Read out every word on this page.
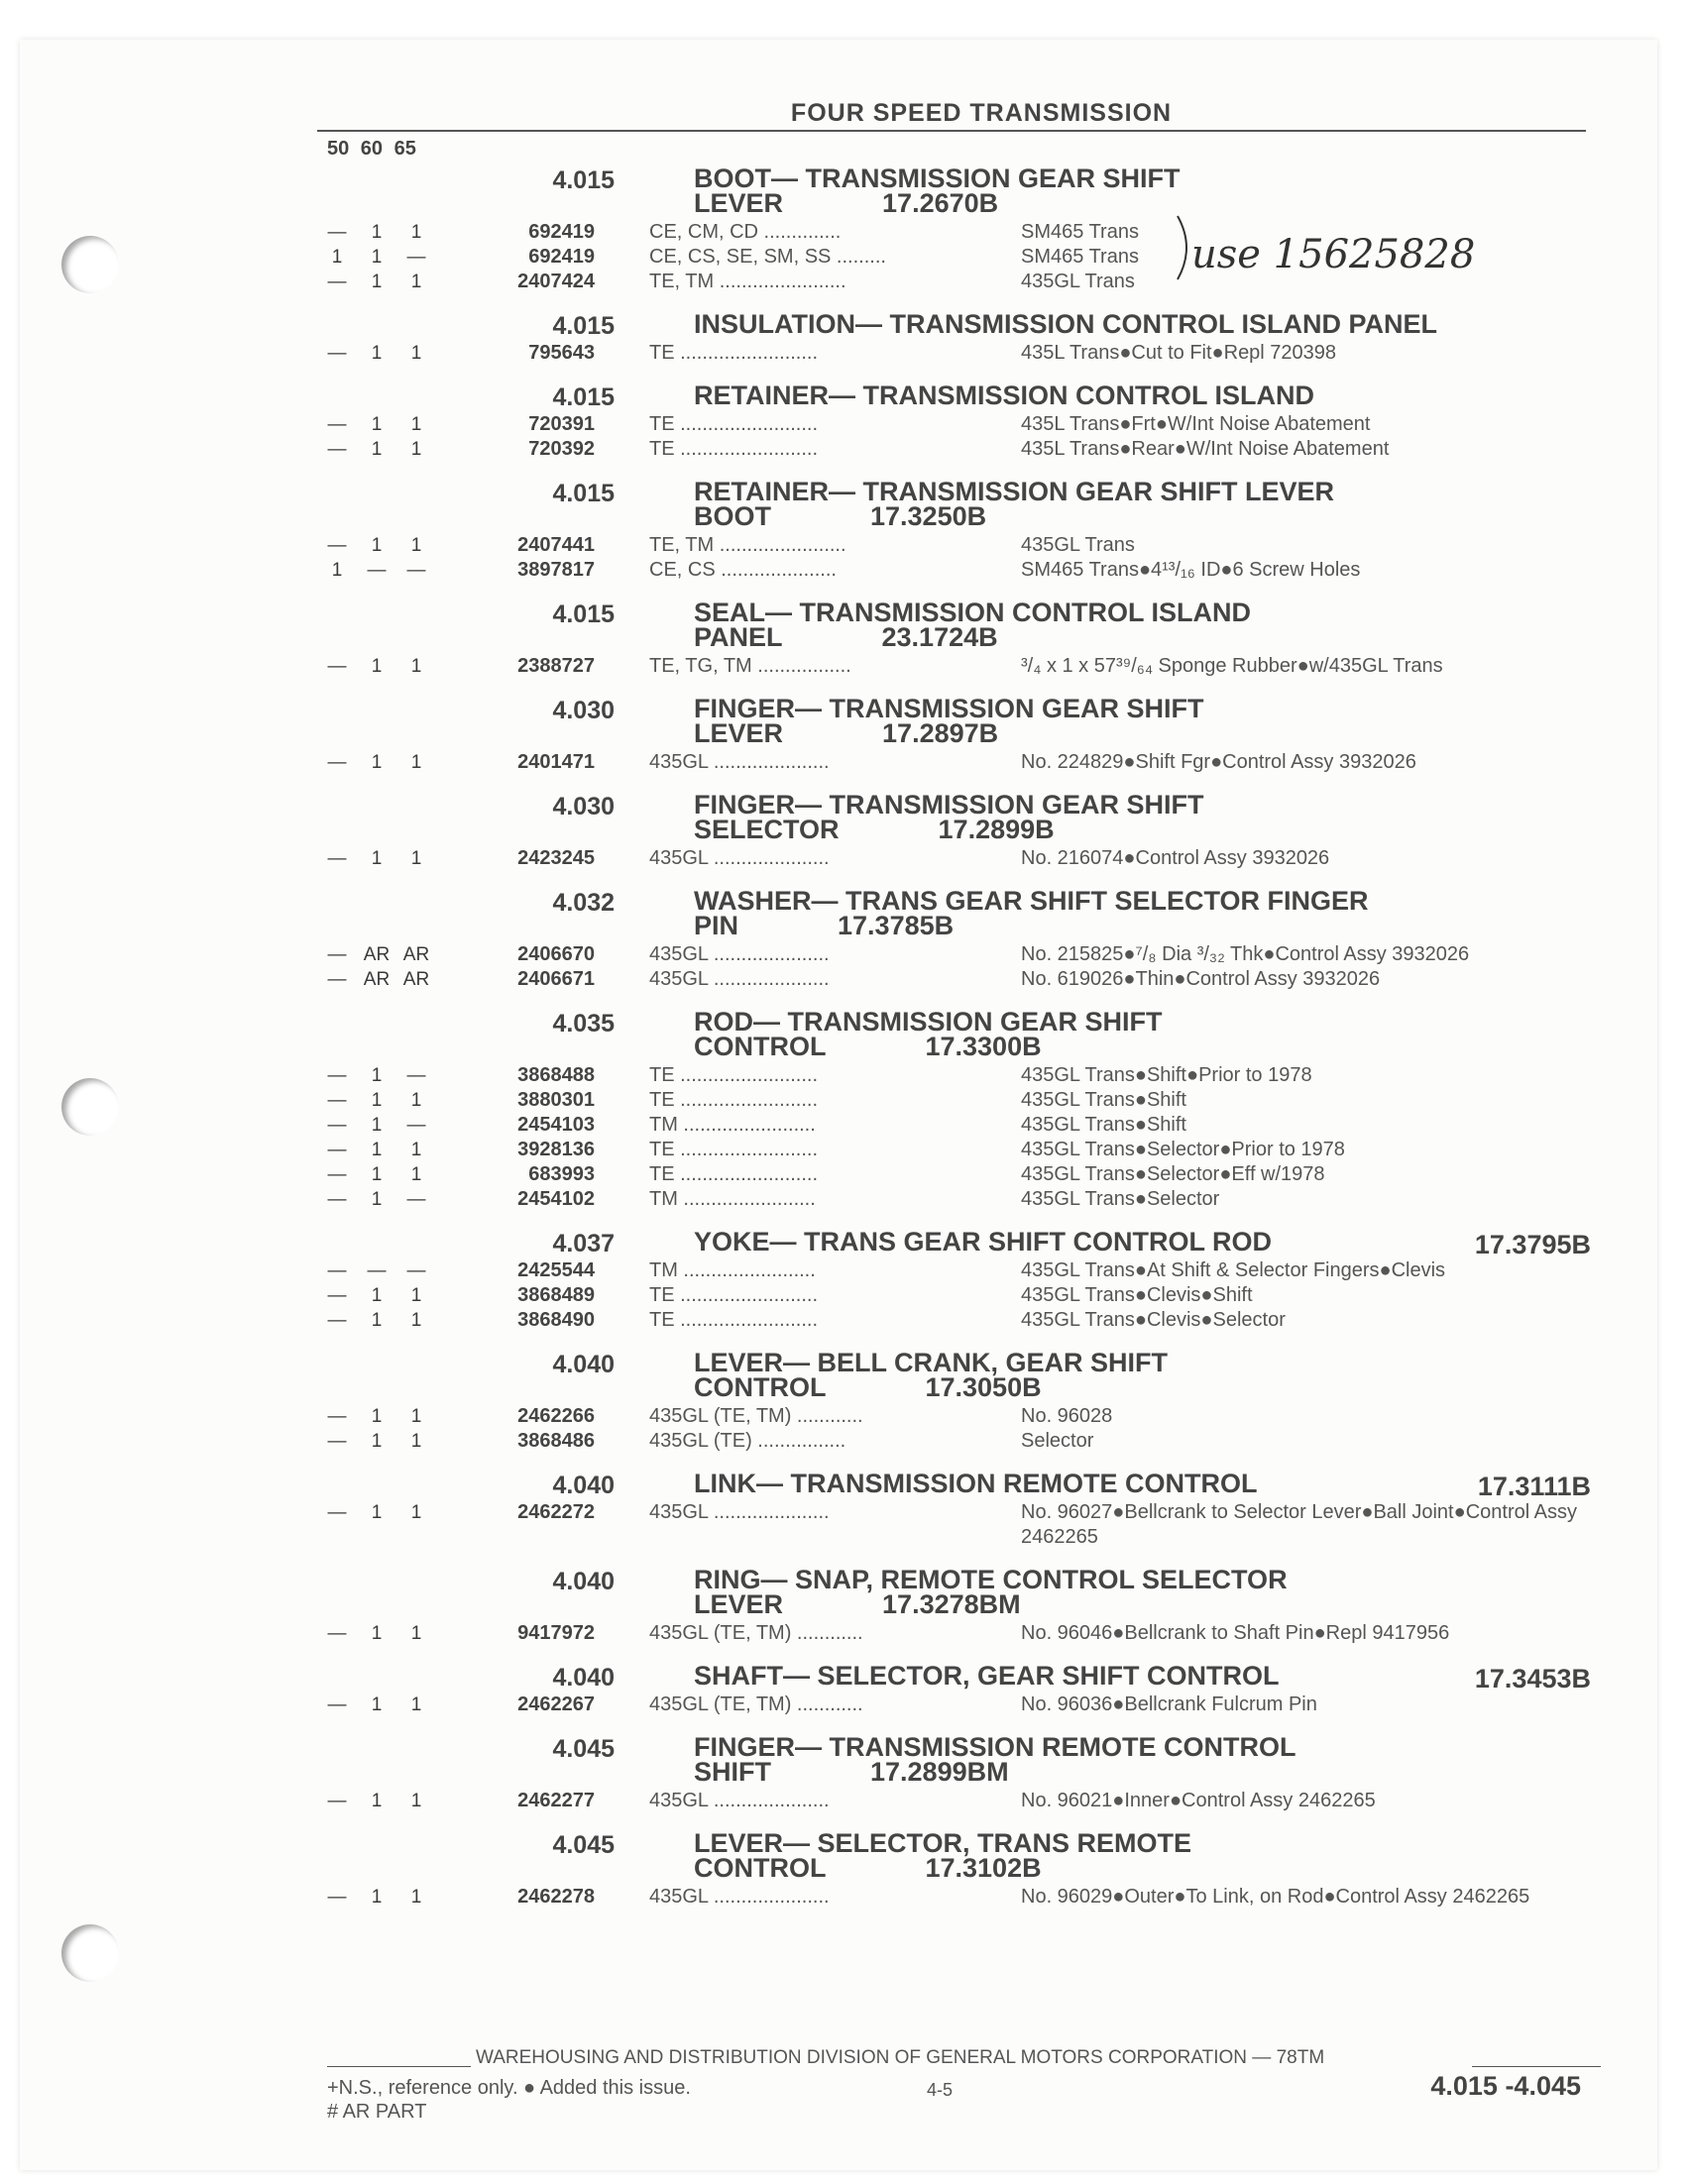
FOUR SPEED TRANSMISSION
50 60 65
4.015	BOOT— TRANSMISSION GEAR SHIFT
LEVER	17.2670B
—	1	1	692419	CE, CM, CD ..............	SM465 Trans
1	1	—	692419	CE, CS, SE, SM, SS .........	SM465 Trans
—	1	1	2407424	TE, TM .......................	435GL Trans
4.015	INSULATION— TRANSMISSION CONTROL ISLAND PANEL
—	1	1	795643	TE .........................	435L Trans●Cut to Fit●Repl 720398
4.015	RETAINER— TRANSMISSION CONTROL ISLAND
—	1	1	720391	TE .........................	435L Trans●Frt●W/Int Noise Abatement
—	1	1	720392	TE .........................	435L Trans●Rear●W/Int Noise Abatement
4.015	RETAINER— TRANSMISSION GEAR SHIFT LEVER
BOOT	17.3250B
—	1	1	2407441	TE, TM .......................	435GL Trans
1	—	—	3897817	CE, CS .....................	SM465 Trans●4¹³/₁₆ ID●6 Screw Holes
4.015	SEAL— TRANSMISSION CONTROL ISLAND
PANEL	23.1724B
—	1	1	2388727	TE, TG, TM .................	³/₄ x 1 x 57³⁹/₆₄ Sponge Rubber●w/435GL Trans
4.030	FINGER— TRANSMISSION GEAR SHIFT
LEVER	17.2897B
—	1	1	2401471	435GL .....................	No. 224829●Shift Fgr●Control Assy 3932026
4.030	FINGER— TRANSMISSION GEAR SHIFT
SELECTOR	17.2899B
—	1	1	2423245	435GL .....................	No. 216074●Control Assy 3932026
4.032	WASHER— TRANS GEAR SHIFT SELECTOR FINGER
PIN	17.3785B
— AR AR	2406670	435GL .....................	No. 215825●⁷/₈ Dia ³/₃₂ Thk●Control Assy 3932026
— AR AR	2406671	435GL .....................	No. 619026●Thin●Control Assy 3932026
4.035	ROD— TRANSMISSION GEAR SHIFT
CONTROL	17.3300B
—	1	—	3868488	TE .........................	435GL Trans●Shift●Prior to 1978
—	1	1	3880301	TE .........................	435GL Trans●Shift
—	1	—	2454103	TM ........................	435GL Trans●Shift
—	1	1	3928136	TE .........................	435GL Trans●Selector●Prior to 1978
—	1	1	683993	TE .........................	435GL Trans●Selector●Eff w/1978
—	1	—	2454102	TM ........................	435GL Trans●Selector
4.037	YOKE— TRANS GEAR SHIFT CONTROL ROD	17.3795B
—	—	—	2425544	TM ........................	435GL Trans●At Shift & Selector Fingers●Clevis
—	1	1	3868489	TE .........................	435GL Trans●Clevis●Shift
—	1	1	3868490	TE .........................	435GL Trans●Clevis●Selector
4.040	LEVER— BELL CRANK, GEAR SHIFT
CONTROL	17.3050B
—	1	1	2462266	435GL (TE, TM) ............	No. 96028
—	1	1	3868486	435GL (TE) ................	Selector
4.040	LINK— TRANSMISSION REMOTE CONTROL	17.3111B
—	1	1	2462272	435GL .....................	No. 96027●Bellcrank to Selector Lever●Ball Joint●Control Assy 2462265
4.040	RING— SNAP, REMOTE CONTROL SELECTOR
LEVER	17.3278BM
—	1	1	9417972	435GL (TE, TM) ............	No. 96046●Bellcrank to Shaft Pin●Repl 9417956
4.040	SHAFT— SELECTOR, GEAR SHIFT CONTROL	17.3453B
—	1	1	2462267	435GL (TE, TM) ............	No. 96036●Bellcrank Fulcrum Pin
4.045	FINGER— TRANSMISSION REMOTE CONTROL
SHIFT	17.2899BM
—	1	1	2462277	435GL .....................	No. 96021●Inner●Control Assy 2462265
4.045	LEVER— SELECTOR, TRANS REMOTE
CONTROL	17.3102B
—	1	1	2462278	435GL .....................	No. 96029●Outer●To Link, on Rod●Control Assy 2462265
use 15625828
WAREHOUSING AND DISTRIBUTION DIVISION OF GENERAL MOTORS CORPORATION — 78TM
+N.S., reference only. ● Added this issue.
# AR PART
4-5	4.015 -4.045
